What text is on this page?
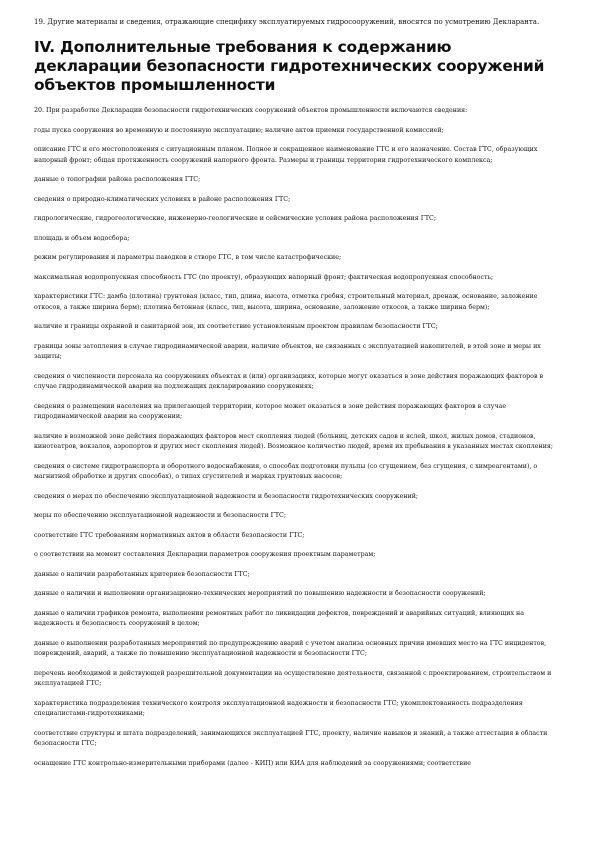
19. Другие материалы и сведения, отражающие специфику эксплуатируемых гидросооружений, вносятся по усмотрению Декларанта.
IV. Дополнительные требования к содержанию декларации безопасности гидротехнических сооружений объектов промышленности

20. При разработке Декларации безопасности гидротехнических сооружений объектов промышленности включаются сведения:

годы пуска сооружения во временную и постоянную эксплуатацию; наличие актов приемки государственной комиссией;

описание ГТС и его местоположения с ситуационным планом. Полное и сокращенное наименование ГТС и его назначение. Состав ГТС, образующих напорный фронт; общая протяженность сооружений напорного фронта. Размеры и границы территории гидротехнического комплекса;

данные о топографии района расположения ГТС;

сведения о природно-климатических условиях в районе расположения ГТС;

гидрологические, гидрогеологические, инженерно-геологические и сейсмические условия района расположения ГТС;

площадь и объем водосбора;

режим регулирования и параметры паводков в створе ГТС, в том числе катастрофические;

максимальная водопропускная способность ГТС (по проекту), образующих напорный фронт; фактическая водопропускная способность;

характеристики ГТС: дамба (плотина) грунтовая (класс, тип, длина, высота, отметка гребня, строительный материал, дренаж, основание, заложение откосов, а также ширина берм); плотина бетонная (класс, тип, высота, ширина, основание, заложение откосов, а также ширина берм);

наличие и границы охранной и санитарной зон, их соответствие установленным проектом правилам безопасности ГТС;

границы зоны затопления в случае гидродинамической аварии, наличие объектов, не связанных с эксплуатацией накопителей, в этой зоне и меры их защиты;

сведения о численности персонала на сооружениях объектах и (или) организациях, которые могут оказаться в зоне действия поражающих факторов в случае гидродинамической аварии на подлежащих декларированию сооружениях;

сведения о размещении населения на прилегающей территории, которое может оказаться в зоне действия поражающих факторов в случае гидродинамической аварии на сооружении;

наличие в возможной зоне действия поражающих факторов мест скопления людей (больниц, детских садов и яслей, школ, жилых домов, стадионов, кинотеатров, вокзалов, аэропортов и других мест скопления людей). Возможное количество людей, время их пребывания в указанных местах скопления;

сведения о системе гидротранспорта и оборотного водоснабжения, о способах подготовки пульпы (со сгущением, без сгущения, с химреагентами), о магнитной обработке и других способах), о типах сгустителей и марках грунтовых насосов;

сведения о мерах по обеспечению эксплуатационной надежности и безопасности гидротехнических сооружений;

меры по обеспечению эксплуатационной надежности и безопасности ГТС;

соответствие ГТС требованиям нормативных актов в области безопасности ГТС;

о соответствии на момент составления Декларации параметров сооружения проектным параметрам;

данные о наличии разработанных критериев безопасности ГТС;

данные о наличии и выполнении организационно-технических мероприятий по повышению надежности и безопасности сооружений;

данные о наличии графиков ремонта, выполнении ремонтных работ по ликвидации дефектов, повреждений и аварийных ситуаций, влияющих на надежность и безопасность сооружений в целом;

данные о выполнении разработанных мероприятий по предупреждению аварий с учетом анализа основных причин имевших место на ГТС инцидентов, повреждений, аварий, а также по повышению эксплуатационной надежности и безопасности ГТС;

перечень необходимой и действующей разрешительной документации на осуществление деятельности, связанной с проектированием, строительством и эксплуатацией ГТС;

характеристика подразделения технического контроля эксплуатационной надежности и безопасности ГТС; укомплектованность подразделения специалистами-гидротехниками;

соответствие структуры и штата подразделений, занимающихся эксплуатацией ГТС, проекту, наличие навыков и знаний, а также аттестация в области безопасности ГТС;

оснащение ГТС контрольно-измерительными приборами (далее - КИП) или КИА для наблюдений за сооружениями; соответствие
